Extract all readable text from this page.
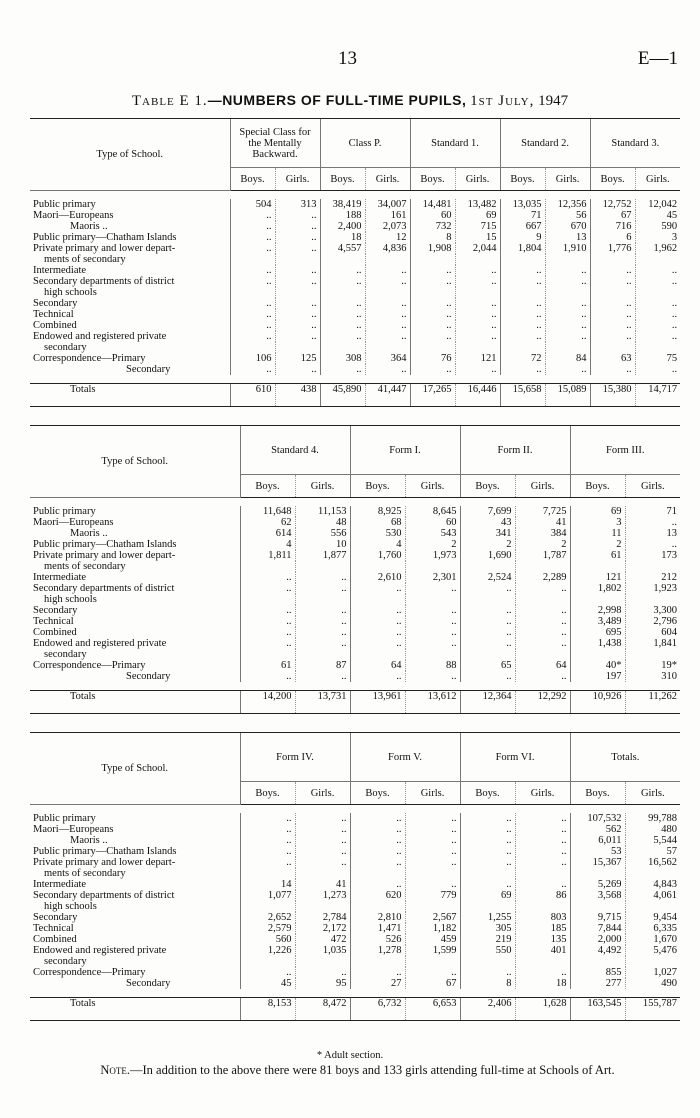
13	E—1
Table E 1.—NUMBERS OF FULL-TIME PUPILS, 1st July, 1947
Type of School.	Special Class for the Mentally Backward.		Class P.		Standard 1.		Standard 2.		Standard 3.	
	Boys.	Girls.	Boys.	Girls.	Boys.	Girls.	Boys.	Girls.	Boys.	Girls.

Public primary	504	313	38,419	34,007	14,481	13,482	13,035	12,356	12,752	12,042
Maori—Europeans	..	..	188	161	60	69	71	56	67	45
Maoris ..	..	..	2,400	2,073	732	715	667	670	716	590
Public primary—Chatham Islands	..	..	18	12	8	15	9	13	6	3
Private primary and lower depart-	..	..	4,557	4,836	1,908	2,044	1,804	1,910	1,776	1,962
ments of secondary										
Intermediate	..	..	..	..	..	..	..	..	..	..
Secondary departments of district	..	..	..	..	..	..	..	..	..	..
high schools										
Secondary	..	..	..	..	..	..	..	..	..	..
Technical	..	..	..	..	..	..	..	..	..	..
Combined	..	..	..	..	..	..	..	..	..	..
Endowed and registered private	..	..	..	..	..	..	..	..	..	..
secondary										
Correspondence—Primary	106	125	308	364	76	121	72	84	63	75
Secondary	..	..	..	..	..	..	..	..	..	..

Totals	610	438	45,890	41,447	17,265	16,446	15,658	15,089	15,380	14,717
Type of School.	Standard 4.		Form I.		Form II.		Form III.	
	Boys.	Girls.	Boys.	Girls.	Boys.	Girls.	Boys.	Girls.

Public primary	11,648	11,153	8,925	8,645	7,699	7,725	69	71
Maori—Europeans	62	48	68	60	43	41	3	..
Maoris ..	614	556	530	543	341	384	11	13
Public primary—Chatham Islands	4	10	4	2	2	2	2	..
Private primary and lower depart-	1,811	1,877	1,760	1,973	1,690	1,787	61	173
ments of secondary								
Intermediate	..	..	2,610	2,301	2,524	2,289	121	212
Secondary departments of district	..	..	..	..	..	..	1,802	1,923
high schools								
Secondary	..	..	..	..	..	..	2,998	3,300
Technical	..	..	..	..	..	..	3,489	2,796
Combined	..	..	..	..	..	..	695	604
Endowed and registered private	..	..	..	..	..	..	1,438	1,841
secondary								
Correspondence—Primary	61	87	64	88	65	64	40*	19*
Secondary	..	..	..	..	..	..	197	310

Totals	14,200	13,731	13,961	13,612	12,364	12,292	10,926	11,262
Type of School.	Form IV.		Form V.		Form VI.		Totals.	
	Boys.	Girls.	Boys.	Girls.	Boys.	Girls.	Boys.	Girls.

Public primary	..	..	..	..	..	..	107,532	99,788
Maori—Europeans	..	..	..	..	..	..	562	480
Maoris ..	..	..	..	..	..	..	6,011	5,544
Public primary—Chatham Islands	..	..	..	..	..	..	53	57
Private primary and lower depart-	..	..	..	..	..	..	15,367	16,562
ments of secondary								
Intermediate	14	41	..	..	..	..	5,269	4,843
Secondary departments of district	1,077	1,273	620	779	69	86	3,568	4,061
high schools								
Secondary	2,652	2,784	2,810	2,567	1,255	803	9,715	9,454
Technical	2,579	2,172	1,471	1,182	305	185	7,844	6,335
Combined	560	472	526	459	219	135	2,000	1,670
Endowed and registered private	1,226	1,035	1,278	1,599	550	401	4,492	5,476
secondary								
Correspondence—Primary	..	..	..	..	..	..	855	1,027
Secondary	45	95	27	67	8	18	277	490

Totals	8,153	8,472	6,732	6,653	2,406	1,628	163,545	155,787
* Adult section.
Note.—In addition to the above there were 81 boys and 133 girls attending full-time at Schools of Art.
